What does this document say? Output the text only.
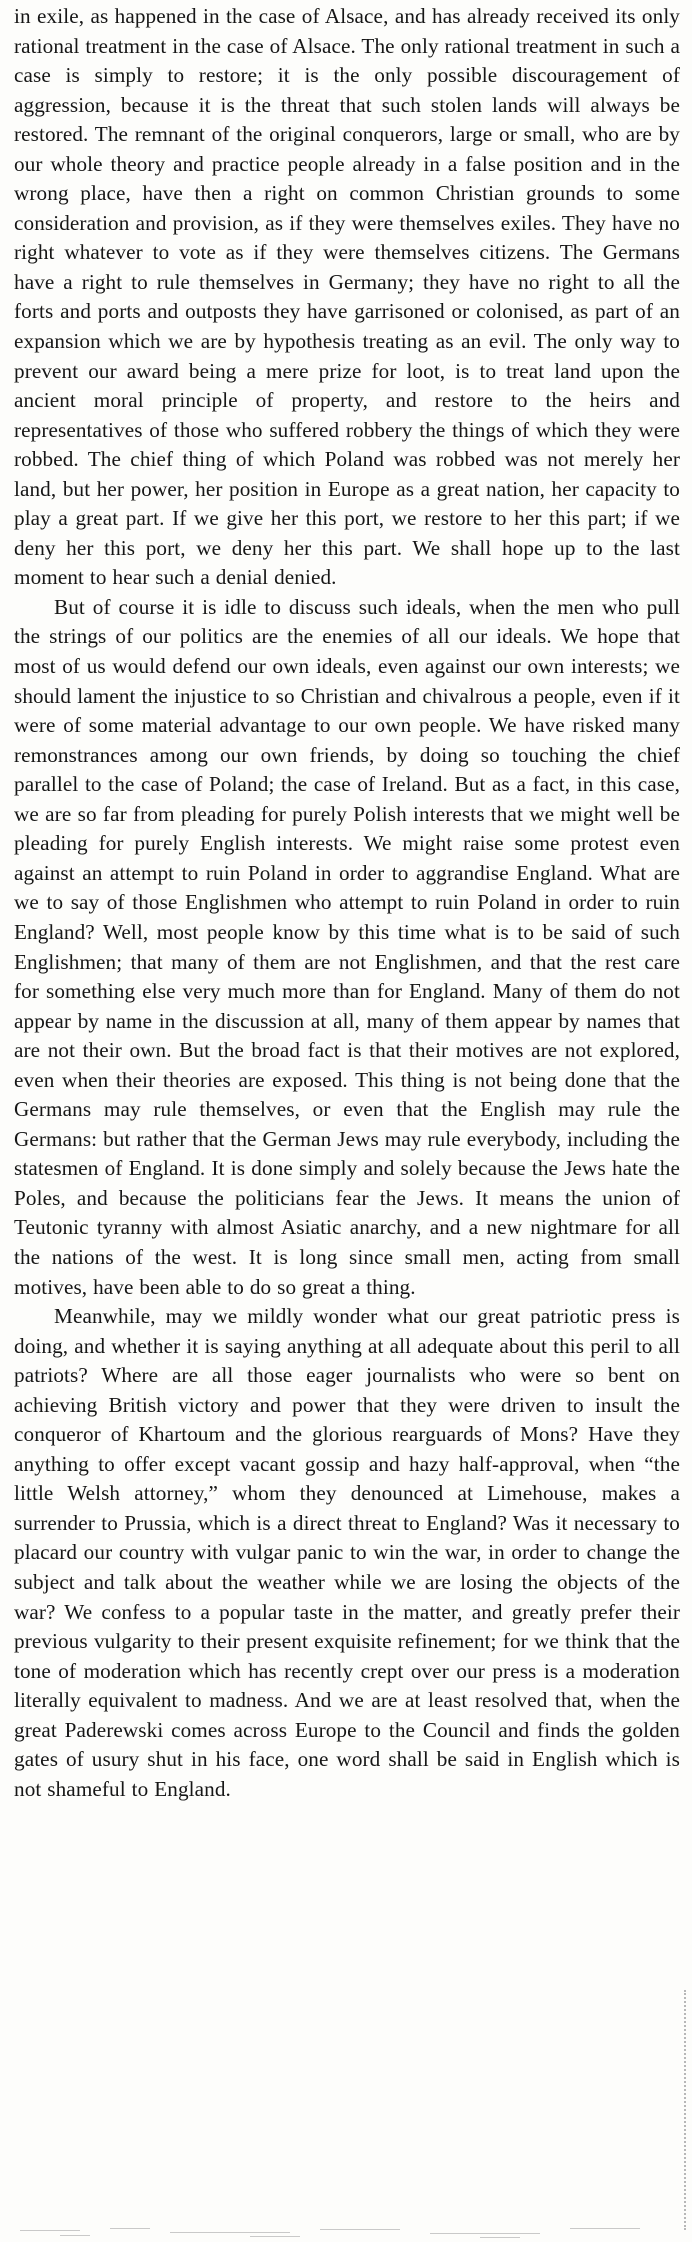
in exile, as happened in the case of Alsace, and has already received its only rational treatment in the case of Alsace. The only rational treatment in such a case is simply to restore; it is the only possible discouragement of aggression, because it is the threat that such stolen lands will always be restored. The remnant of the original conquerors, large or small, who are by our whole theory and practice people already in a false position and in the wrong place, have then a right on common Christian grounds to some consideration and provision, as if they were themselves exiles. They have no right whatever to vote as if they were themselves citizens. The Germans have a right to rule themselves in Germany; they have no right to all the forts and ports and outposts they have garrisoned or colonised, as part of an expansion which we are by hypothesis treating as an evil. The only way to prevent our award being a mere prize for loot, is to treat land upon the ancient moral principle of property, and restore to the heirs and representatives of those who suffered robbery the things of which they were robbed. The chief thing of which Poland was robbed was not merely her land, but her power, her position in Europe as a great nation, her capacity to play a great part. If we give her this port, we restore to her this part; if we deny her this port, we deny her this part. We shall hope up to the last moment to hear such a denial denied.

But of course it is idle to discuss such ideals, when the men who pull the strings of our politics are the enemies of all our ideals. We hope that most of us would defend our own ideals, even against our own interests; we should lament the injustice to so Christian and chivalrous a people, even if it were of some material advantage to our own people. We have risked many remonstrances among our own friends, by doing so touching the chief parallel to the case of Poland; the case of Ireland. But as a fact, in this case, we are so far from pleading for purely Polish interests that we might well be pleading for purely English interests. We might raise some protest even against an attempt to ruin Poland in order to aggrandise England. What are we to say of those Englishmen who attempt to ruin Poland in order to ruin England? Well, most people know by this time what is to be said of such Englishmen; that many of them are not Englishmen, and that the rest care for something else very much more than for England. Many of them do not appear by name in the discussion at all, many of them appear by names that are not their own. But the broad fact is that their motives are not explored, even when their theories are exposed. This thing is not being done that the Germans may rule themselves, or even that the English may rule the Germans: but rather that the German Jews may rule everybody, including the statesmen of England. It is done simply and solely because the Jews hate the Poles, and because the politicians fear the Jews. It means the union of Teutonic tyranny with almost Asiatic anarchy, and a new nightmare for all the nations of the west. It is long since small men, acting from small motives, have been able to do so great a thing.

Meanwhile, may we mildly wonder what our great patriotic press is doing, and whether it is saying anything at all adequate about this peril to all patriots? Where are all those eager journalists who were so bent on achieving British victory and power that they were driven to insult the conqueror of Khartoum and the glorious rearguards of Mons? Have they anything to offer except vacant gossip and hazy half-approval, when “the little Welsh attorney,” whom they denounced at Limehouse, makes a surrender to Prussia, which is a direct threat to England? Was it necessary to placard our country with vulgar panic to win the war, in order to change the subject and talk about the weather while we are losing the objects of the war? We confess to a popular taste in the matter, and greatly prefer their previous vulgarity to their present exquisite refinement; for we think that the tone of moderation which has recently crept over our press is a moderation literally equivalent to madness. And we are at least resolved that, when the great Paderewski comes across Europe to the Council and finds the golden gates of usury shut in his face, one word shall be said in English which is not shameful to England.
